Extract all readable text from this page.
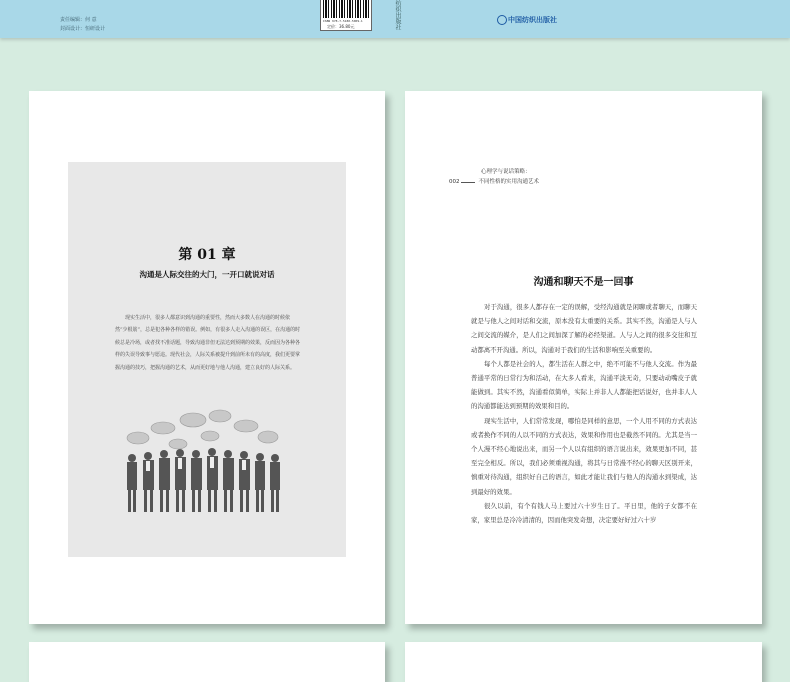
责任编辑：何 意
封面设计：恒研设计
ISBN 978-7-5180-5009-1
定价：36.80元	纺织出版社	中国纺织出版社
第 01 章
沟通是人际交往的大门，一开口就说对话

现实生活中，很多人都意识到沟通的重要性，然而大多数人在沟通的时候依然“少根筋”，总是犯各种各样的错误。例如，有很多人走入沟通的误区，在沟通的时候总是冷场，或者找不准话题，导致沟通非但无法达到预期的效果，反而因为各种各样的失误导致事与愿违。现代社会，人际关系被提升到前所未有的高度，我们更要掌握沟通的技巧，把握沟通的艺术，从而更好地与他人沟通，建立良好的人际关系。

心理学与说话策略：
002	不同性格的实用沟通艺术
沟通和聊天不是一回事

对于沟通，很多人都存在一定的误解，受经沟通就是闲聊或者聊天，而聊天就是与他人之间对话和交流，原本没有太重要的关系。其实不然，沟通是人与人之间交流的媒介，是人们之间加深了解的必经渠道。人与人之间的很多交往和互动都离不开沟通。所以，沟通对于我们的生活和影响至关重要的。

每个人都是社会的人，都生活在人群之中，绝不可能不与他人交流。作为最普通平常的日常行为和活动，在大多人看来，沟通平淡无奇，只要动动嘴皮子就能做到。其实不然，沟通看似简单，实际上并非人人都能把话说好，也并非人人的沟通都能达到预期的效果和目的。

现实生活中，人们常常发现，哪怕是同样的意思，一个人用不同的方式表达或者换作不同的人以不同的方式表达，效果和作用也是截然不同的。尤其是当一个人漫不经心地说出来，而另一个人以有组织的语言说出来，效果更加不同，甚至完全相反。所以，我们必须重视沟通，将其与日常漫不经心的聊天区别开来，慎重对待沟通，组织好自己的语言，如此才能让我们与他人的沟通水到渠成，达到最好的效果。

很久以前，有个有钱人马上要过六十岁生日了。平日里，他的子女都不在家，家里总是冷冷清清的，因而他突发奇想，决定要好好过六十岁
